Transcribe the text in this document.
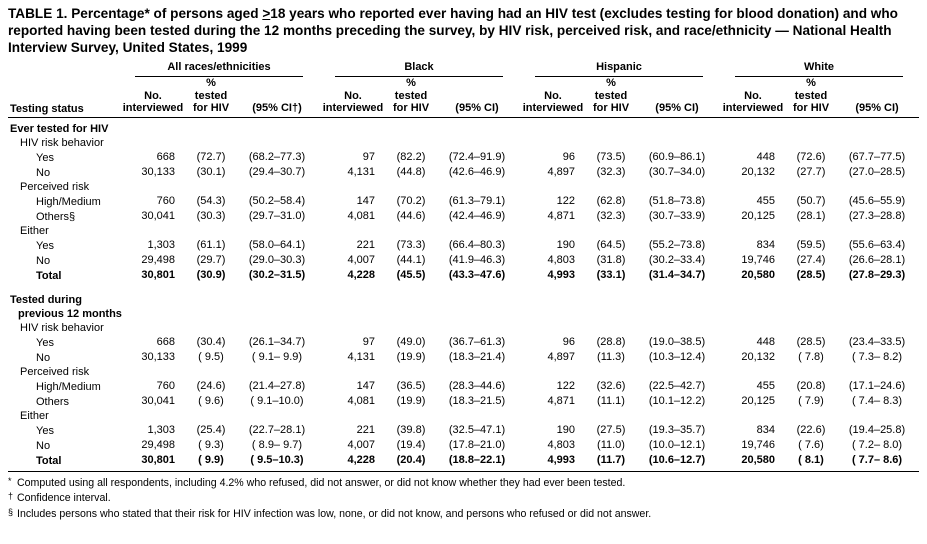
TABLE 1. Percentage* of persons aged ≥18 years who reported ever having had an HIV test (excludes testing for blood donation) and who reported having been tested during the 12 months preceding the survey, by HIV risk, perceived risk, and race/ethnicity — National Health Interview Survey, United States, 1999

	All races/ethnicities			Black			Hispanic			White		

Testing status	
No.
interviewed

%
tested
for HIV	(95% CI†)

No.
interviewed

%
tested
for HIV	(95% CI)

No.
interviewed

%
tested
for HIV	(95% CI)

No.
interviewed

%
tested
for HIV	(95% CI)

Ever tested for HIV												

HIV risk behavior												

Yes	668	(72.7)	(68.2–77.3)	97	(82.2)	(72.4–91.9)	96	(73.5)	(60.9–86.1)	448	(72.6)	(67.7–77.5)

No	30,133	(30.1)	(29.4–30.7)	4,131	(44.8)	(42.6–46.9)	4,897	(32.3)	(30.7–34.0)	20,132	(27.7)	(27.0–28.5)

Perceived risk												

High/Medium	760	(54.3)	(50.2–58.4)	147	(70.2)	(61.3–79.1)	122	(62.8)	(51.8–73.8)	455	(50.7)	(45.6–55.9)

Others§	30,041	(30.3)	(29.7–31.0)	4,081	(44.6)	(42.4–46.9)	4,871	(32.3)	(30.7–33.9)	20,125	(28.1)	(27.3–28.8)

Either												

Yes	1,303	(61.1)	(58.0–64.1)	221	(73.3)	(66.4–80.3)	190	(64.5)	(55.2–73.8)	834	(59.5)	(55.6–63.4)

No	29,498	(29.7)	(29.0–30.3)	4,007	(44.1)	(41.9–46.3)	4,803	(31.8)	(30.2–33.4)	19,746	(27.4)	(26.6–28.1)

Total	30,801	(30.9)	(30.2–31.5)	4,228	(45.5)	(43.3–47.6)	4,993	(33.1)	(31.4–34.7)	20,580	(28.5)	(27.8–29.3)

Tested during
previous 12 months												

HIV risk behavior												

Yes	668	(30.4)	(26.1–34.7)	97	(49.0)	(36.7–61.3)	96	(28.8)	(19.0–38.5)	448	(28.5)	(23.4–33.5)

No	30,133	( 9.5)	( 9.1– 9.9)	4,131	(19.9)	(18.3–21.4)	4,897	(11.3)	(10.3–12.4)	20,132	( 7.8)	( 7.3– 8.2)

Perceived risk												

High/Medium	760	(24.6)	(21.4–27.8)	147	(36.5)	(28.3–44.6)	122	(32.6)	(22.5–42.7)	455	(20.8)	(17.1–24.6)

Others	30,041	( 9.6)	( 9.1–10.0)	4,081	(19.9)	(18.3–21.5)	4,871	(11.1)	(10.1–12.2)	20,125	( 7.9)	( 7.4– 8.3)

Either												

Yes	1,303	(25.4)	(22.7–28.1)	221	(39.8)	(32.5–47.1)	190	(27.5)	(19.3–35.7)	834	(22.6)	(19.4–25.8)

No	29,498	( 9.3)	( 8.9– 9.7)	4,007	(19.4)	(17.8–21.0)	4,803	(11.0)	(10.0–12.1)	19,746	( 7.6)	( 7.2– 8.0)

Total	30,801	( 9.9)	( 9.5–10.3)	4,228	(20.4)	(18.8–22.1)	4,993	(11.7)	(10.6–12.7)	20,580	( 8.1)	( 7.7– 8.6)
* Computed using all respondents, including 4.2% who refused, did not answer, or did not know whether they had ever been tested.
† Confidence interval.
§ Includes persons who stated that their risk for HIV infection was low, none, or did not know, and persons who refused or did not answer.
